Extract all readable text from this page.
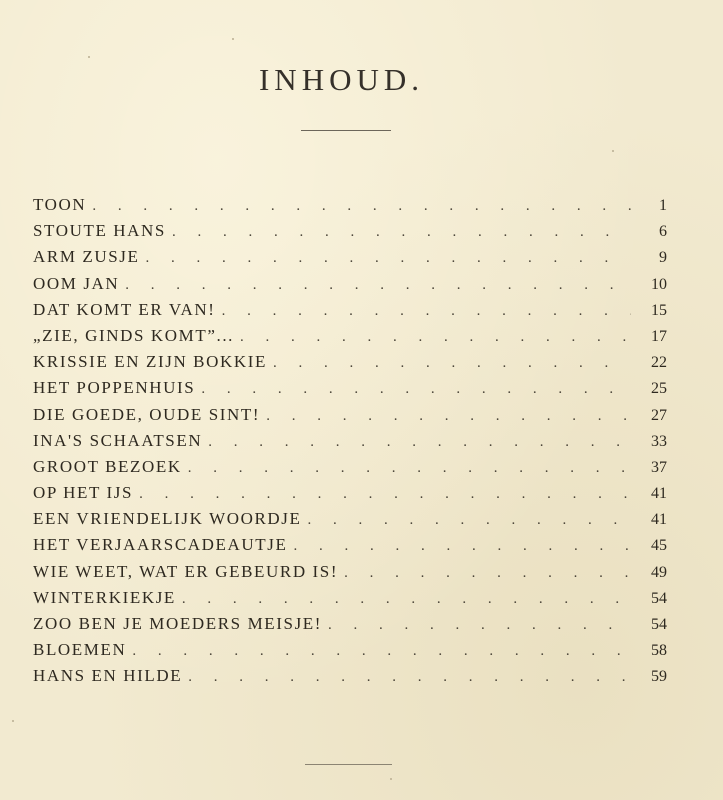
INHOUD.
TOON . . .	1
STOUTE HANS . . .	6
ARM ZUSJE . . .	9
OOM JAN . . .	10
DAT KOMT ER VAN! . . .	15
„ZIE, GINDS KOMT”... . . .	17
KRISSIE EN ZIJN BOKKIE . . .	22
HET POPPENHUIS . . .	25
DIE GOEDE, OUDE SINT! . . .	27
INA'S SCHAATSEN . . .	33
GROOT BEZOEK . . .	37
OP HET IJS . . .	41
EEN VRIENDELIJK WOORDJE . . .	41
HET VERJAARSCADEAUTJE . . .	45
WIE WEET, WAT ER GEBEURD IS! . . .	49
WINTERKIEKJE . . .	54
ZOO BEN JE MOEDERS MEISJE! . . .	54
BLOEMEN . . .	58
HANS EN HILDE . . .	59
